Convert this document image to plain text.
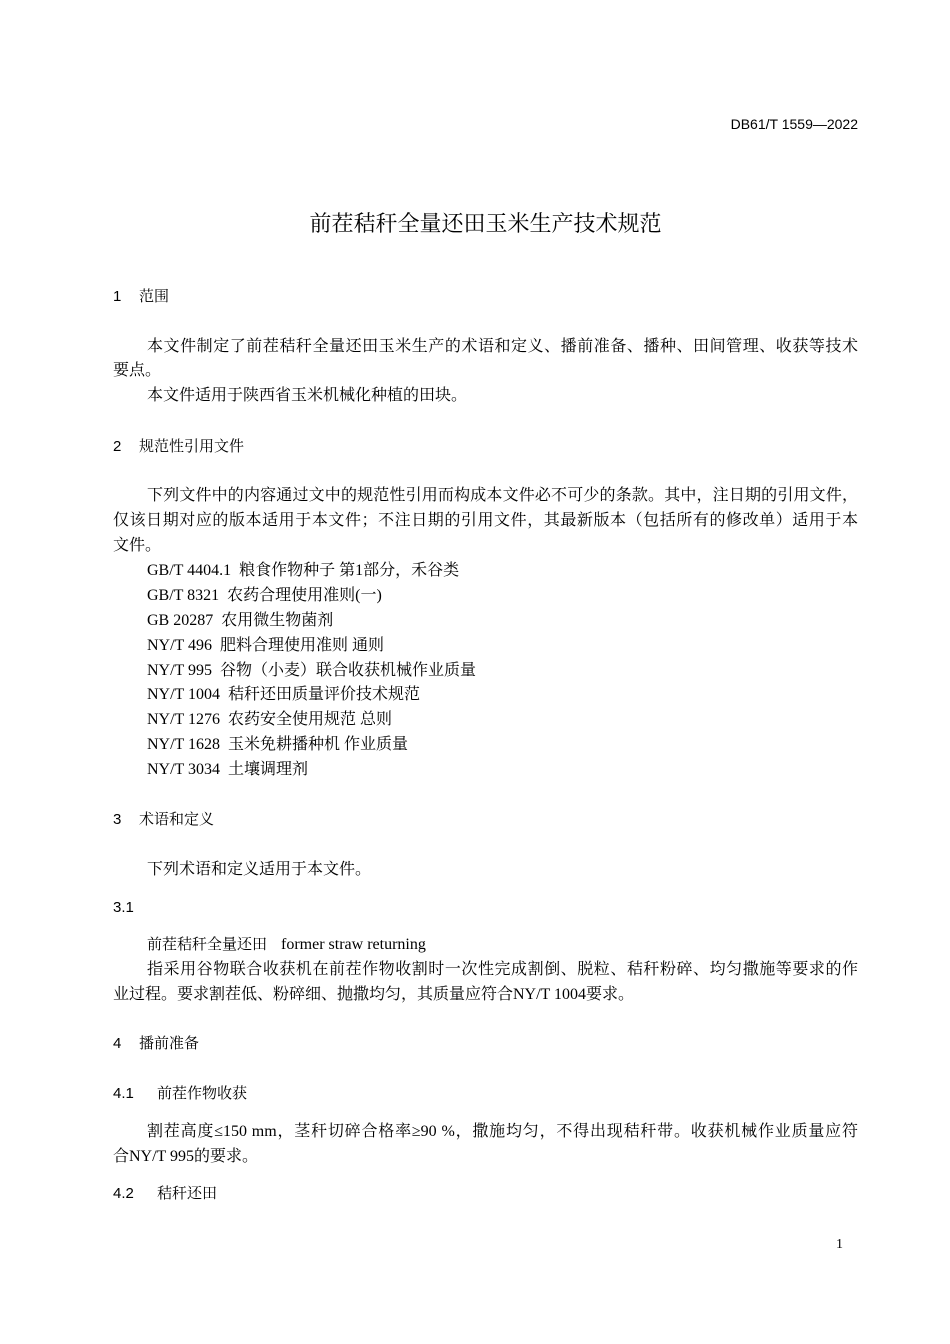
DB61/T 1559—2022
前茬秸秆全量还田玉米生产技术规范
1 范围
本文件制定了前茬秸秆全量还田玉米生产的术语和定义、播前准备、播种、田间管理、收获等技术
要点。
本文件适用于陕西省玉米机械化种植的田块。
2 规范性引用文件
下列文件中的内容通过文中的规范性引用而构成本文件必不可少的条款。其中，注日期的引用文件，
仅该日期对应的版本适用于本文件；不注日期的引用文件，其最新版本（包括所有的修改单）适用于本
文件。
GB/T 4404.1 粮食作物种子 第1部分，禾谷类
GB/T 8321 农药合理使用准则(一)
GB 20287 农用微生物菌剂
NY/T 496 肥料合理使用准则 通则
NY/T 995 谷物（小麦）联合收获机械作业质量
NY/T 1004 秸秆还田质量评价技术规范
NY/T 1276 农药安全使用规范 总则
NY/T 1628 玉米免耕播种机 作业质量
NY/T 3034 土壤调理剂
3 术语和定义
下列术语和定义适用于本文件。
3.1
前茬秸秆全量还田 former straw returning
指采用谷物联合收获机在前茬作物收割时一次性完成割倒、脱粒、秸秆粉碎、均匀撒施等要求的作
业过程。要求割茬低、粉碎细、抛撒均匀，其质量应符合NY/T 1004要求。
4 播前准备
4.1 前茬作物收获
割茬高度≤150 mm，茎秆切碎合格率≥90 %，撒施均匀，不得出现秸秆带。收获机械作业质量应符
合NY/T 995的要求。
4.2 秸秆还田
1
